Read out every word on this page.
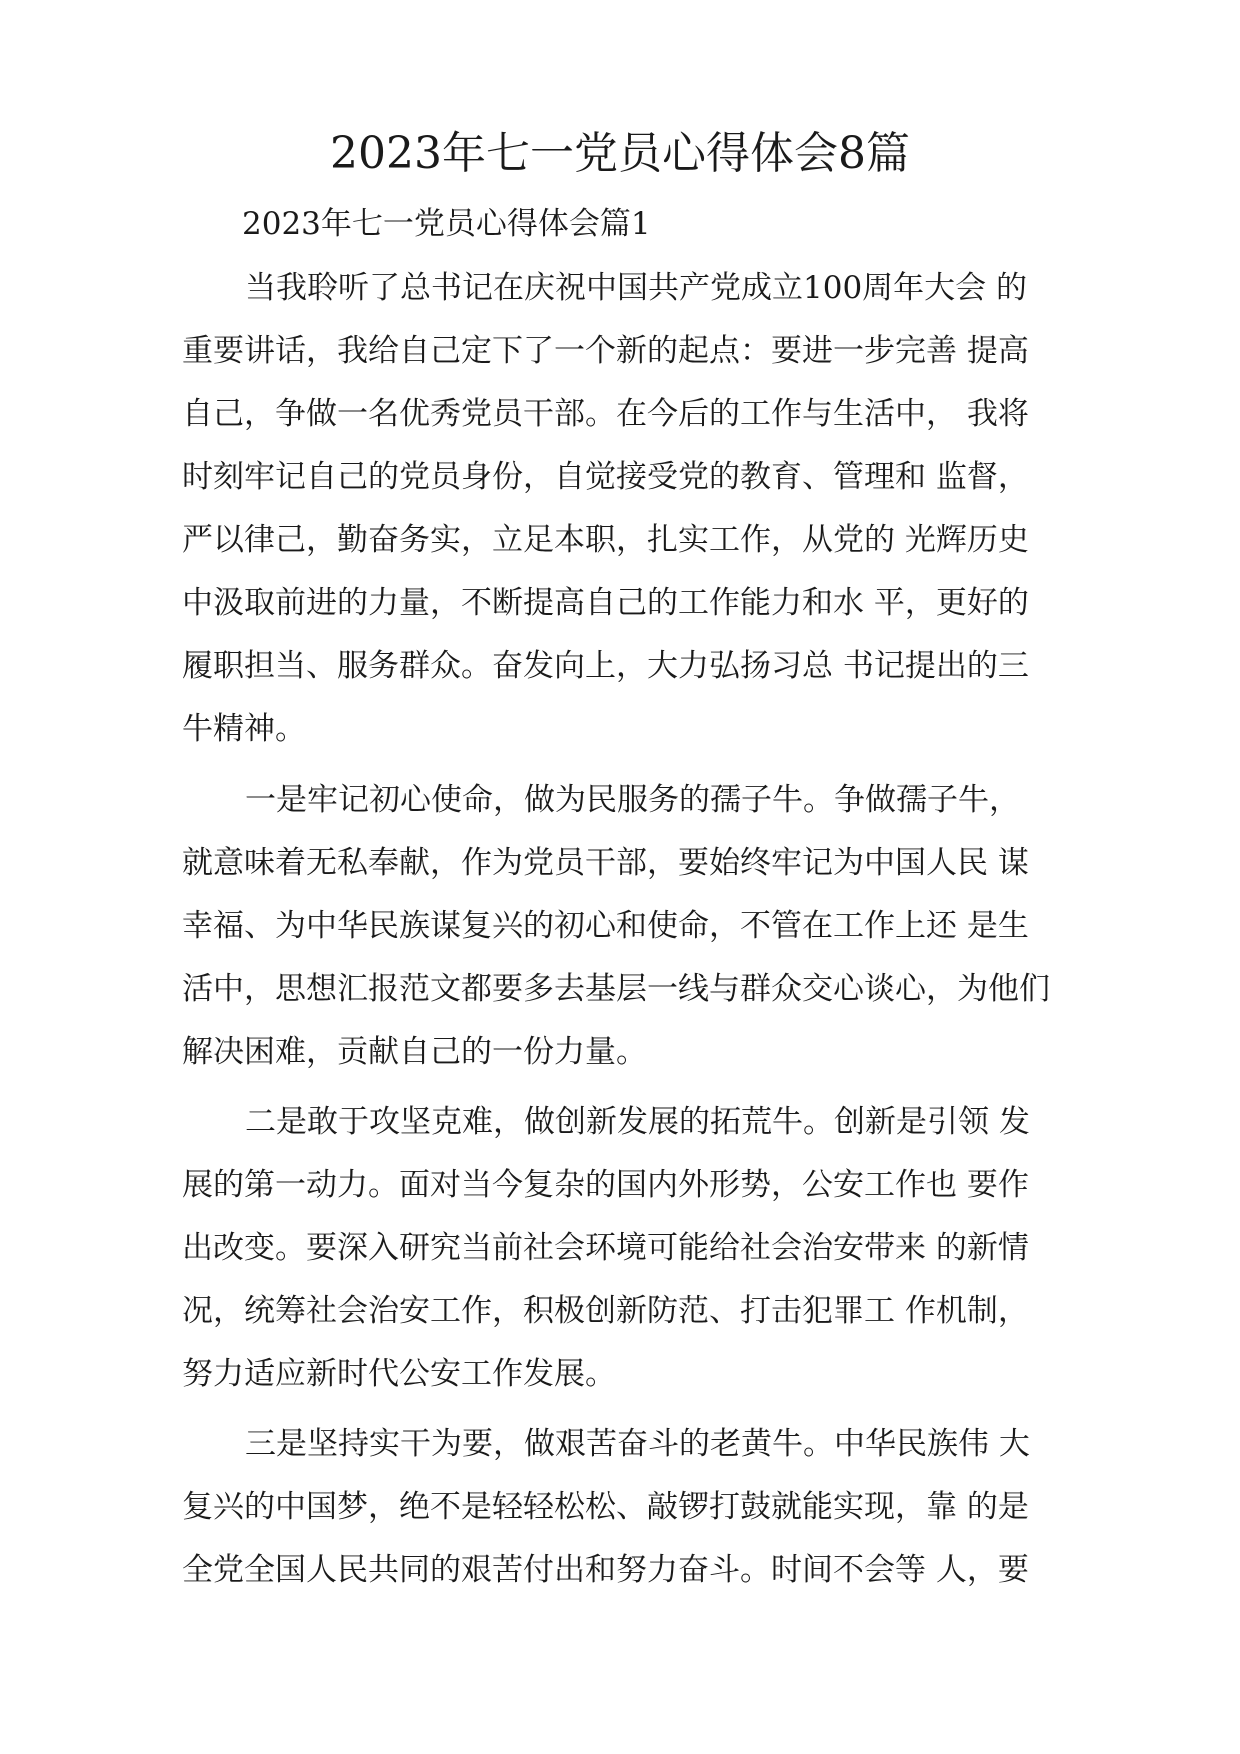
2023年七一党员心得体会8篇
2023年七一党员心得体会篇1
当我聆听了总书记在庆祝中国共产党成立100周年大会 的
重要讲话，我给自己定下了一个新的起点：要进一步完善 提高
自己，争做一名优秀党员干部。在今后的工作与生活中， 我将
时刻牢记自己的党员身份，自觉接受党的教育、管理和 监督，
严以律己，勤奋务实，立足本职，扎实工作，从党的 光辉历史
中汲取前进的力量，不断提高自己的工作能力和水 平，更好的
履职担当、服务群众。奋发向上，大力弘扬习总 书记提出的三
牛精神。
一是牢记初心使命，做为民服务的孺子牛。争做孺子牛，
就意味着无私奉献，作为党员干部，要始终牢记为中国人民 谋
幸福、为中华民族谋复兴的初心和使命，不管在工作上还 是生
活中，思想汇报范文都要多去基层一线与群众交心谈心，为他们
解决困难，贡献自己的一份力量。
二是敢于攻坚克难，做创新发展的拓荒牛。创新是引领 发
展的第一动力。面对当今复杂的国内外形势，公安工作也 要作
出改变。要深入研究当前社会环境可能给社会治安带来 的新情
况，统筹社会治安工作，积极创新防范、打击犯罪工 作机制，
努力适应新时代公安工作发展。
三是坚持实干为要，做艰苦奋斗的老黄牛。中华民族伟 大
复兴的中国梦，绝不是轻轻松松、敲锣打鼓就能实现，靠 的是
全党全国人民共同的艰苦付出和努力奋斗。时间不会等 人，要
